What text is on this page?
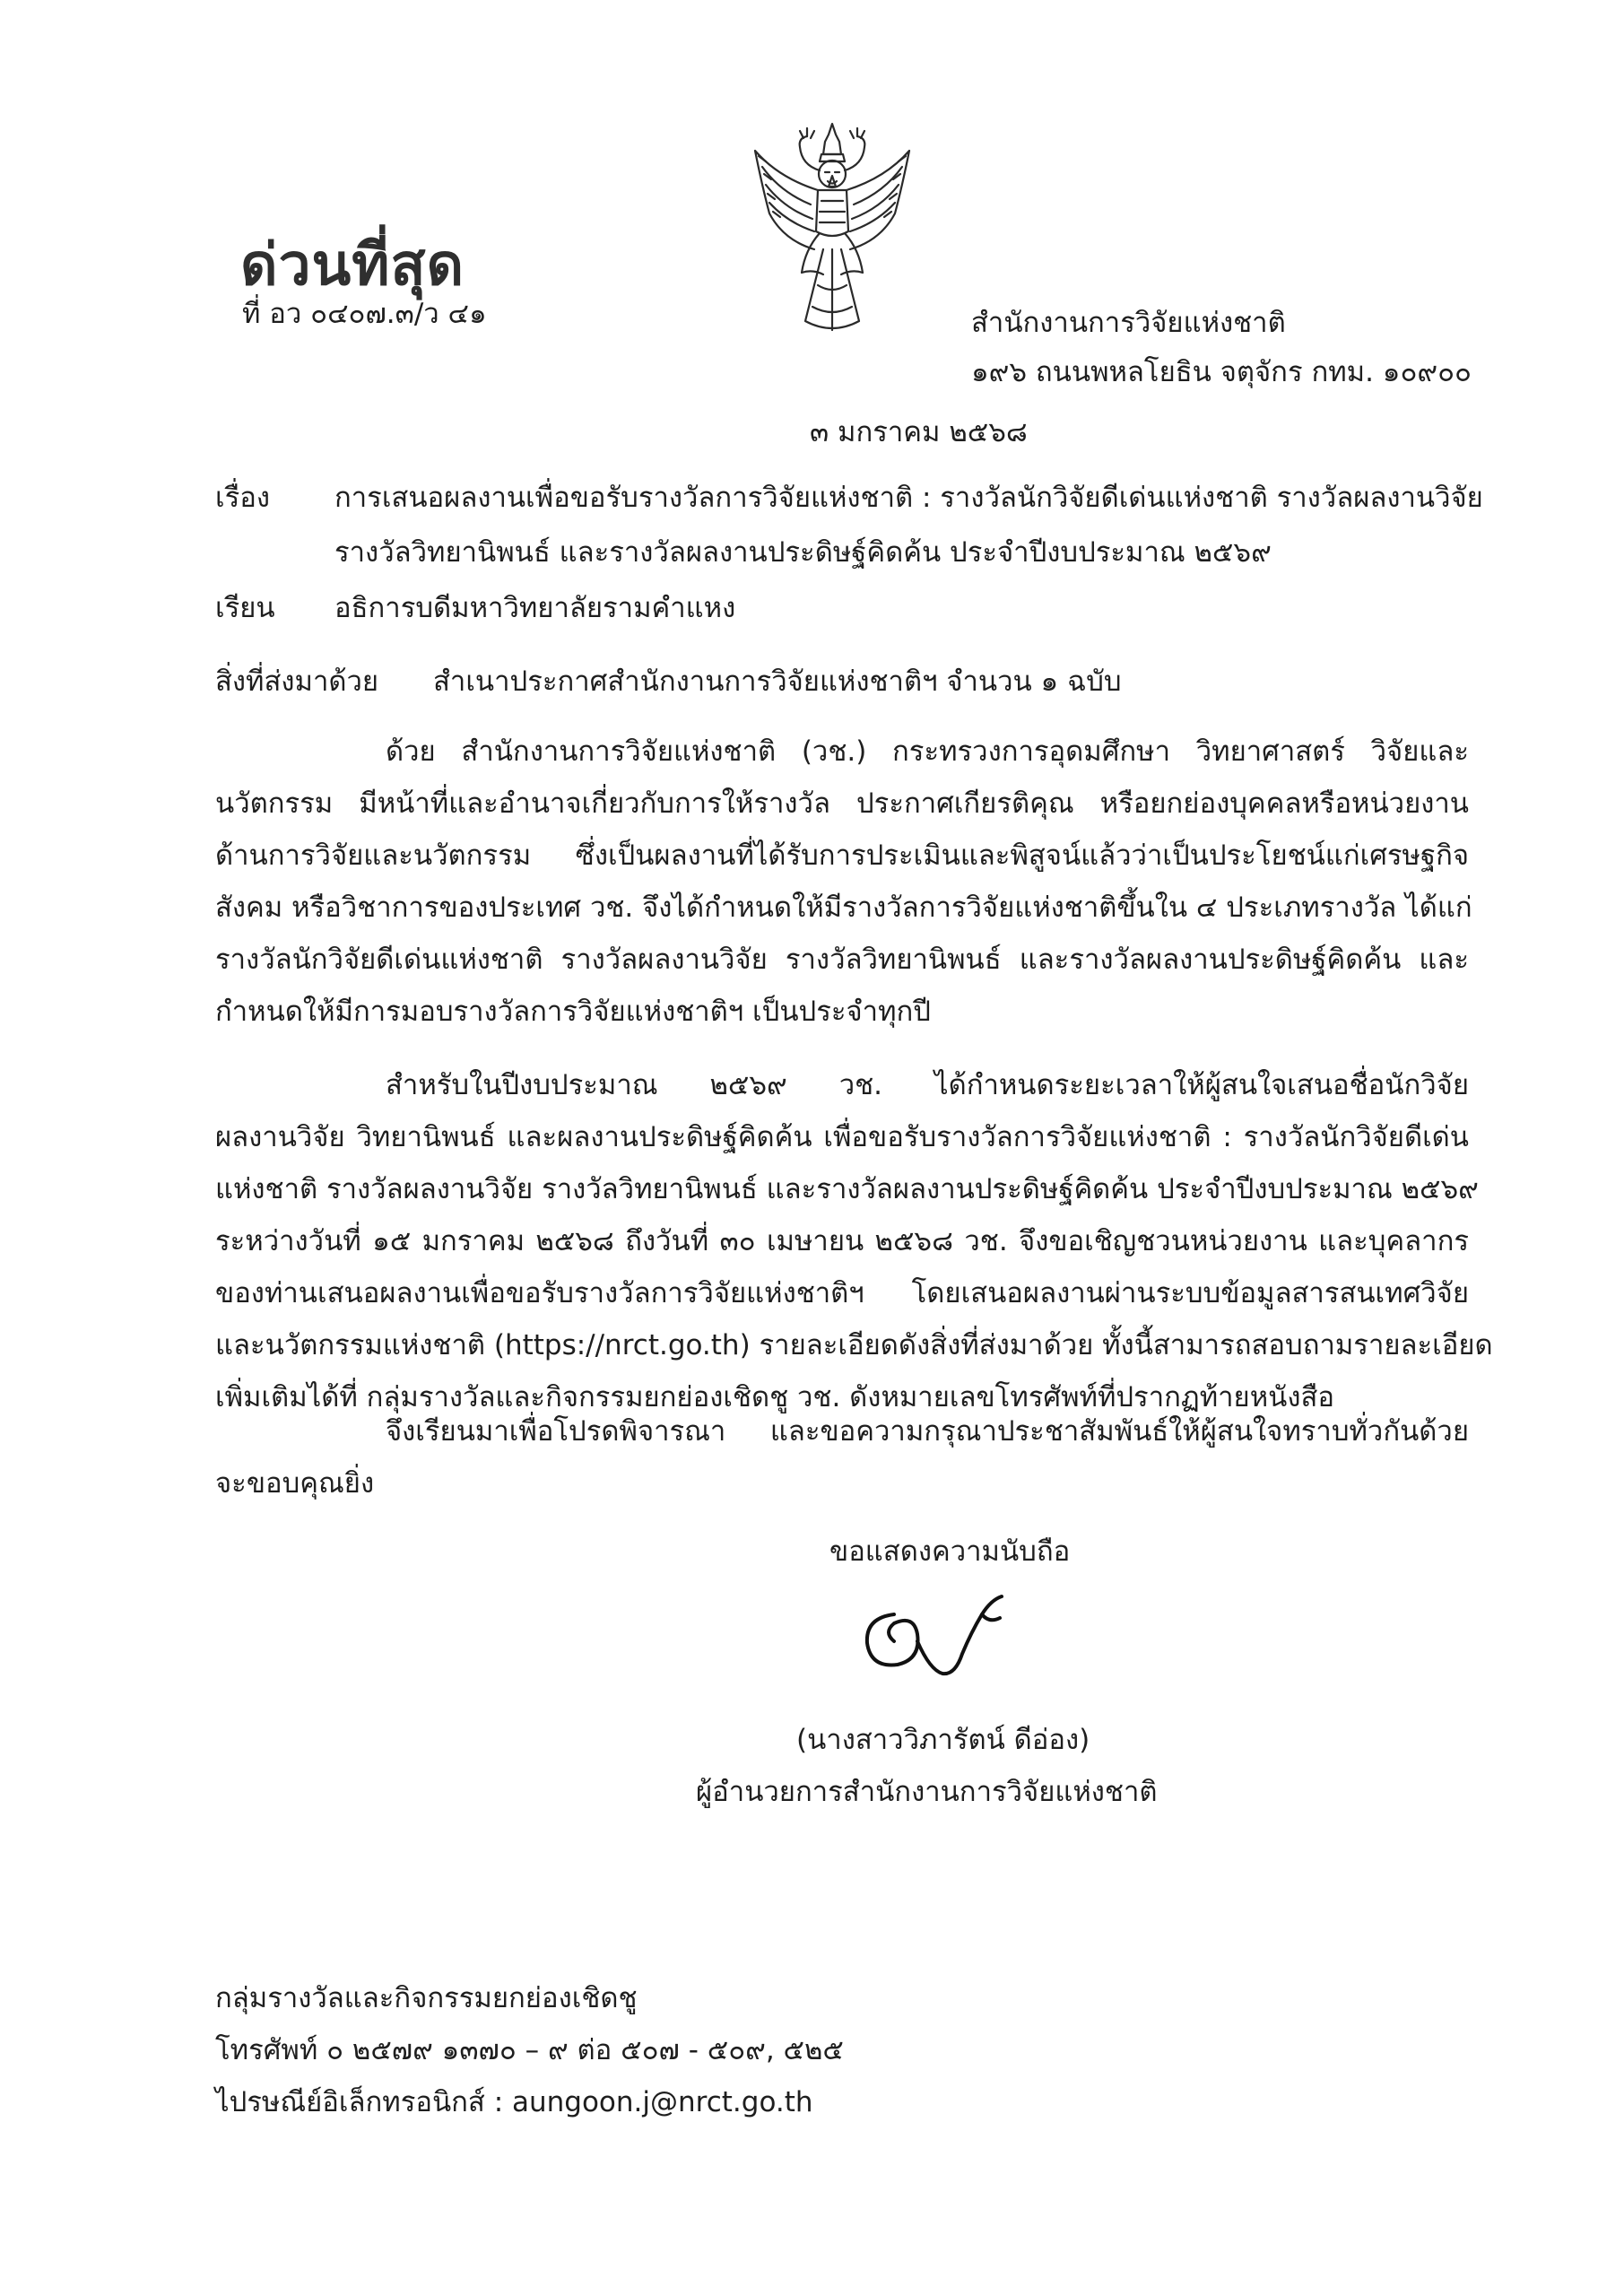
ด่วนที่สุด
ที่ อว ๐๔๐๗.๓/ว ๔๑	สำนักงานการวิจัยแห่งชาติ
๑๙๖ ถนนพหลโยธิน จตุจักร กทม. ๑๐๙๐๐
๓ มกราคม ๒๕๖๘
เรื่อง การเสนอผลงานเพื่อขอรับรางวัลการวิจัยแห่งชาติ : รางวัลนักวิจัยดีเด่นแห่งชาติ รางวัลผลงานวิจัย
รางวัลวิทยานิพนธ์ และรางวัลผลงานประดิษฐ์คิดค้น ประจำปีงบประมาณ ๒๕๖๙
เรียน อธิการบดีมหาวิทยาลัยรามคำแหง
สิ่งที่ส่งมาด้วย สำเนาประกาศสำนักงานการวิจัยแห่งชาติฯ จำนวน ๑ ฉบับ
ด้วย สำนักงานการวิจัยแห่งชาติ (วช.) กระทรวงการอุดมศึกษา วิทยาศาสตร์ วิจัยและ
นวัตกรรม มีหน้าที่และอำนาจเกี่ยวกับการให้รางวัล ประกาศเกียรติคุณ หรือยกย่องบุคคลหรือหน่วยงาน
ด้านการวิจัยและนวัตกรรม ซึ่งเป็นผลงานที่ได้รับการประเมินและพิสูจน์แล้วว่าเป็นประโยชน์แก่เศรษฐกิจ
สังคม หรือวิชาการของประเทศ วช. จึงได้กำหนดให้มีรางวัลการวิจัยแห่งชาติขึ้นใน ๔ ประเภทรางวัล ได้แก่
รางวัลนักวิจัยดีเด่นแห่งชาติ รางวัลผลงานวิจัย รางวัลวิทยานิพนธ์ และรางวัลผลงานประดิษฐ์คิดค้น และ
กำหนดให้มีการมอบรางวัลการวิจัยแห่งชาติฯ เป็นประจำทุกปี
สำหรับในปีงบประมาณ ๒๕๖๙ วช. ได้กำหนดระยะเวลาให้ผู้สนใจเสนอชื่อนักวิจัย
ผลงานวิจัย วิทยานิพนธ์ และผลงานประดิษฐ์คิดค้น เพื่อขอรับรางวัลการวิจัยแห่งชาติ : รางวัลนักวิจัยดีเด่น
แห่งชาติ รางวัลผลงานวิจัย รางวัลวิทยานิพนธ์ และรางวัลผลงานประดิษฐ์คิดค้น ประจำปีงบประมาณ ๒๕๖๙
ระหว่างวันที่ ๑๕ มกราคม ๒๕๖๘ ถึงวันที่ ๓๐ เมษายน ๒๕๖๘ วช. จึงขอเชิญชวนหน่วยงาน และบุคลากร
ของท่านเสนอผลงานเพื่อขอรับรางวัลการวิจัยแห่งชาติฯ โดยเสนอผลงานผ่านระบบข้อมูลสารสนเทศวิจัย
และนวัตกรรมแห่งชาติ (https://nrct.go.th) รายละเอียดดังสิ่งที่ส่งมาด้วย ทั้งนี้สามารถสอบถามรายละเอียด
เพิ่มเติมได้ที่ กลุ่มรางวัลและกิจกรรมยกย่องเชิดชู วช. ดังหมายเลขโทรศัพท์ที่ปรากฏท้ายหนังสือ
จึงเรียนมาเพื่อโปรดพิจารณา และขอความกรุณาประชาสัมพันธ์ให้ผู้สนใจทราบทั่วกันด้วย
จะขอบคุณยิ่ง
ขอแสดงความนับถือ
(นางสาววิภารัตน์ ดีอ่อง)
ผู้อำนวยการสำนักงานการวิจัยแห่งชาติ
กลุ่มรางวัลและกิจกรรมยกย่องเชิดชู
โทรศัพท์ ๐ ๒๕๗๙ ๑๓๗๐ – ๙ ต่อ ๕๐๗ - ๕๐๙, ๕๒๕
ไปรษณีย์อิเล็กทรอนิกส์ : aungoon.j@nrct.go.th
